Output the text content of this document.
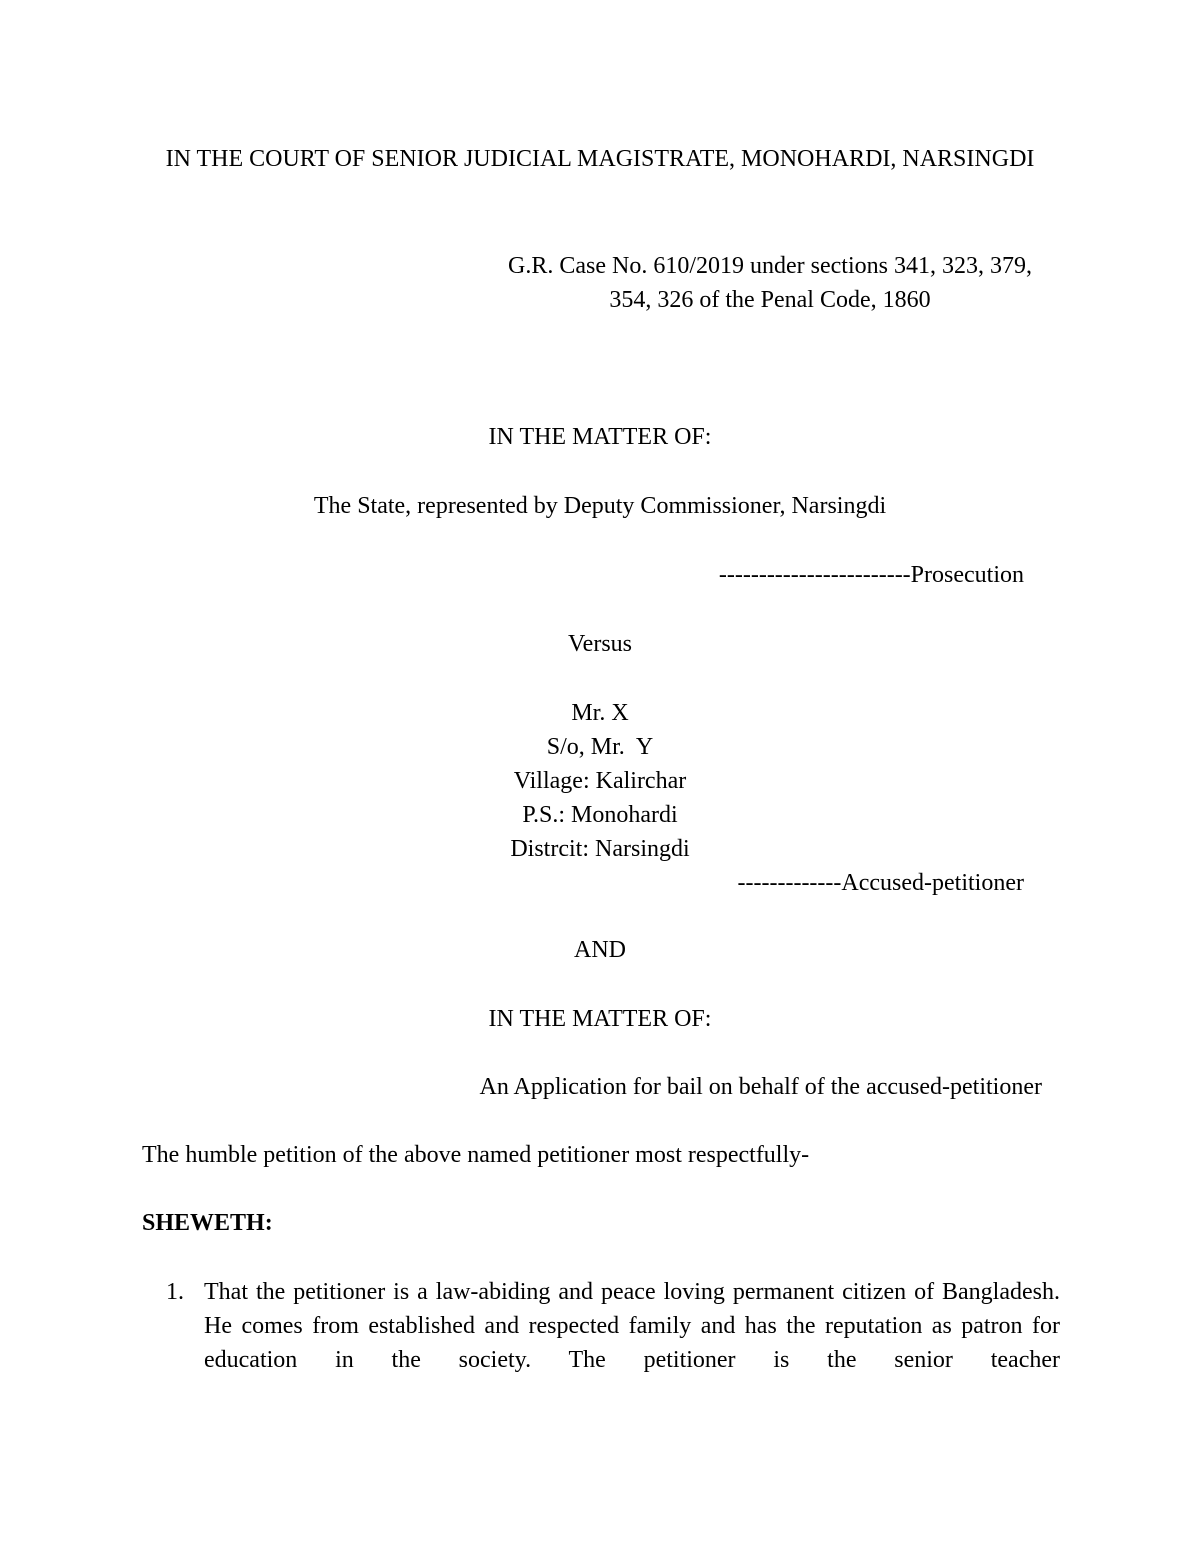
IN THE COURT OF SENIOR JUDICIAL MAGISTRATE, MONOHARDI, NARSINGDI

G.R. Case No. 610/2019 under sections 341, 323, 379,
354, 326 of the Penal Code, 1860
IN THE MATTER OF:
The State, represented by Deputy Commissioner, Narsingdi
------------------------Prosecution
Versus
Mr. X
S/o, Mr.  Y
Village: Kalirchar
P.S.: Monohardi
Distrcit: Narsingdi
-------------Accused-petitioner
AND
IN THE MATTER OF:
An Application for bail on behalf of the accused-petitioner
The humble petition of the above named petitioner most respectfully-
SHEWETH:
1. That the petitioner is a law-abiding and peace loving permanent citizen of Bangladesh. He comes from established and respected family and has the reputation as patron for education in the society. The petitioner is the senior teacher
